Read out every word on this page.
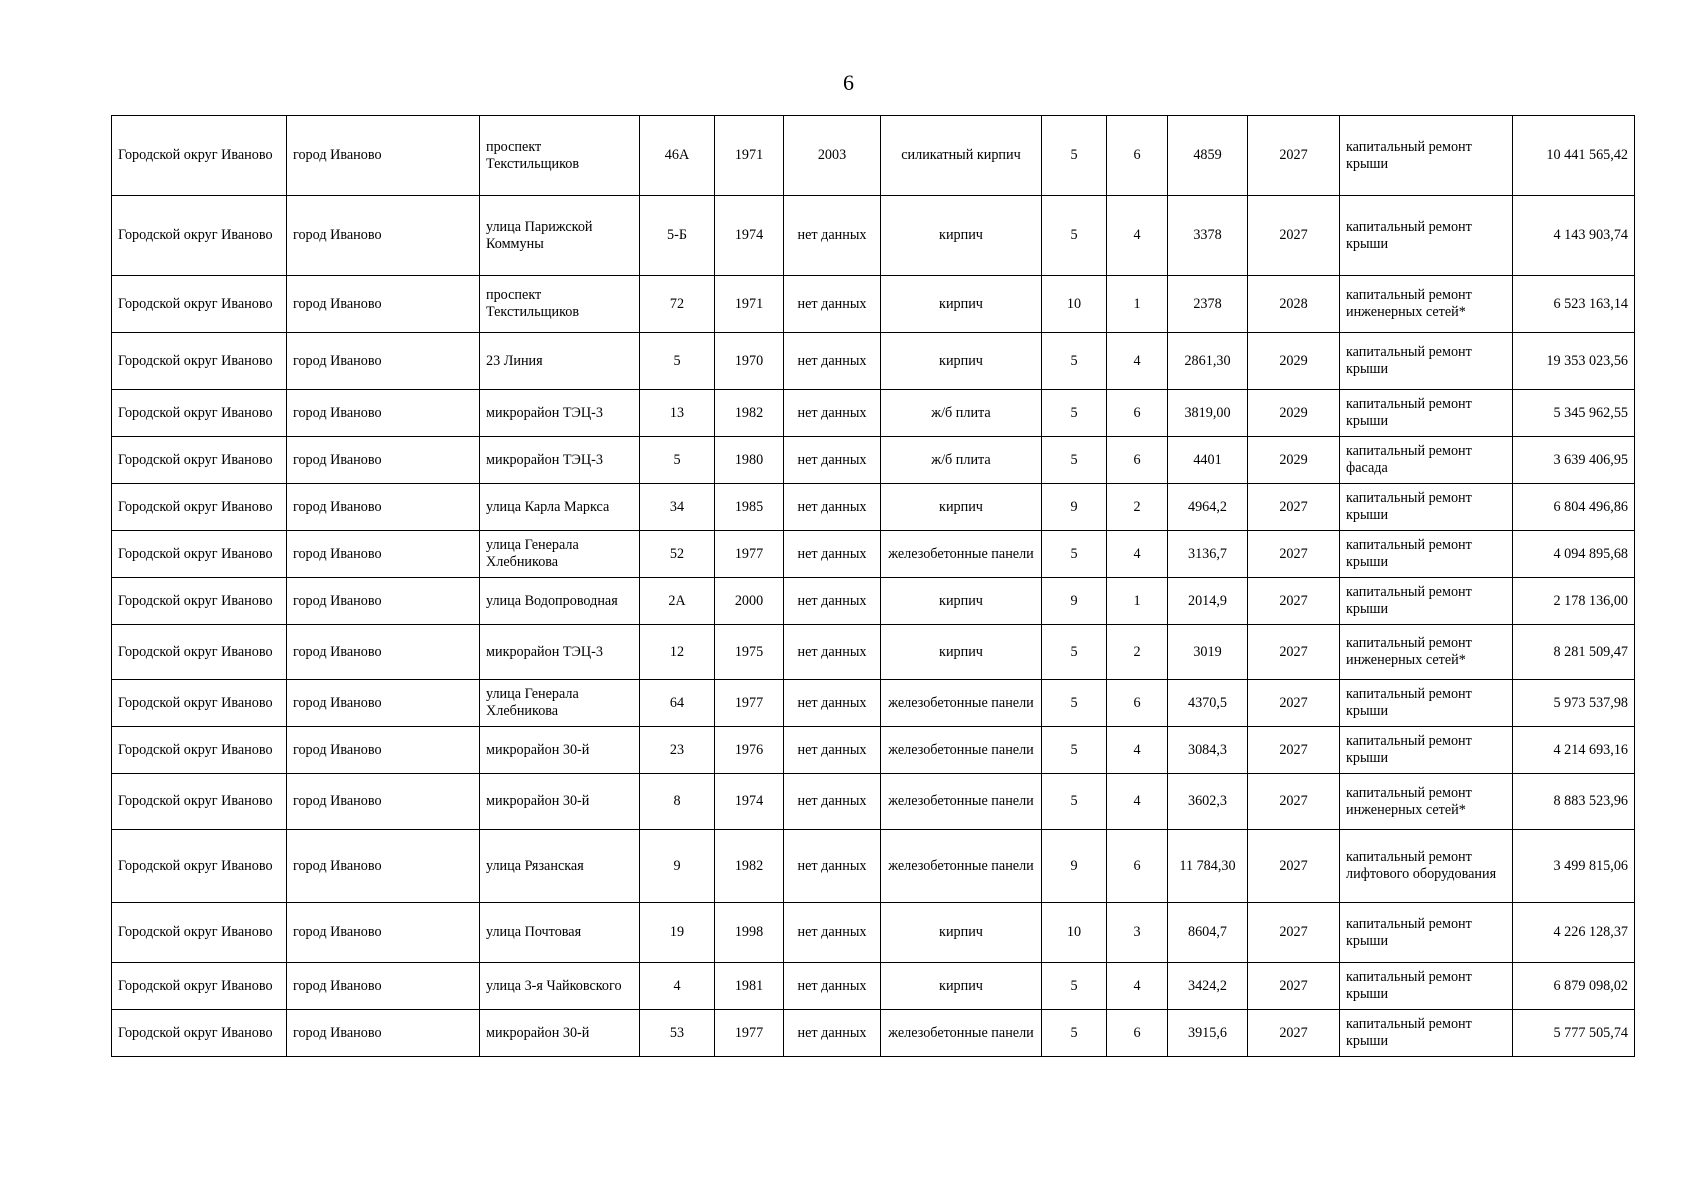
6
Городской округ Иваново	город Иваново	проспект Текстильщиков	46А	1971	2003	силикатный кирпич	5	6	4859	2027	капитальный ремонт крыши	10 441 565,42
Городской округ Иваново	город Иваново	улица Парижской Коммуны	5-Б	1974	нет данных	кирпич	5	4	3378	2027	капитальный ремонт крыши	4 143 903,74
Городской округ Иваново	город Иваново	проспект Текстильщиков	72	1971	нет данных	кирпич	10	1	2378	2028	капитальный ремонт инженерных сетей*	6 523 163,14
Городской округ Иваново	город Иваново	23 Линия	5	1970	нет данных	кирпич	5	4	2861,30	2029	капитальный ремонт крыши	19 353 023,56
Городской округ Иваново	город Иваново	микрорайон ТЭЦ-3	13	1982	нет данных	ж/б плита	5	6	3819,00	2029	капитальный ремонт крыши	5 345 962,55
Городской округ Иваново	город Иваново	микрорайон ТЭЦ-3	5	1980	нет данных	ж/б плита	5	6	4401	2029	капитальный ремонт фасада	3 639 406,95
Городской округ Иваново	город Иваново	улица Карла Маркса	34	1985	нет данных	кирпич	9	2	4964,2	2027	капитальный ремонт крыши	6 804 496,86
Городской округ Иваново	город Иваново	улица Генерала Хлебникова	52	1977	нет данных	железобетонные панели	5	4	3136,7	2027	капитальный ремонт крыши	4 094 895,68
Городской округ Иваново	город Иваново	улица Водопроводная	2А	2000	нет данных	кирпич	9	1	2014,9	2027	капитальный ремонт крыши	2 178 136,00
Городской округ Иваново	город Иваново	микрорайон ТЭЦ-3	12	1975	нет данных	кирпич	5	2	3019	2027	капитальный ремонт инженерных сетей*	8 281 509,47
Городской округ Иваново	город Иваново	улица Генерала Хлебникова	64	1977	нет данных	железобетонные панели	5	6	4370,5	2027	капитальный ремонт крыши	5 973 537,98
Городской округ Иваново	город Иваново	микрорайон 30-й	23	1976	нет данных	железобетонные панели	5	4	3084,3	2027	капитальный ремонт крыши	4 214 693,16
Городской округ Иваново	город Иваново	микрорайон 30-й	8	1974	нет данных	железобетонные панели	5	4	3602,3	2027	капитальный ремонт инженерных сетей*	8 883 523,96
Городской округ Иваново	город Иваново	улица Рязанская	9	1982	нет данных	железобетонные панели	9	6	11 784,30	2027	капитальный ремонт лифтового оборудования	3 499 815,06
Городской округ Иваново	город Иваново	улица Почтовая	19	1998	нет данных	кирпич	10	3	8604,7	2027	капитальный ремонт крыши	4 226 128,37
Городской округ Иваново	город Иваново	улица 3-я Чайковского	4	1981	нет данных	кирпич	5	4	3424,2	2027	капитальный ремонт крыши	6 879 098,02
Городской округ Иваново	город Иваново	микрорайон 30-й	53	1977	нет данных	железобетонные панели	5	6	3915,6	2027	капитальный ремонт крыши	5 777 505,74
